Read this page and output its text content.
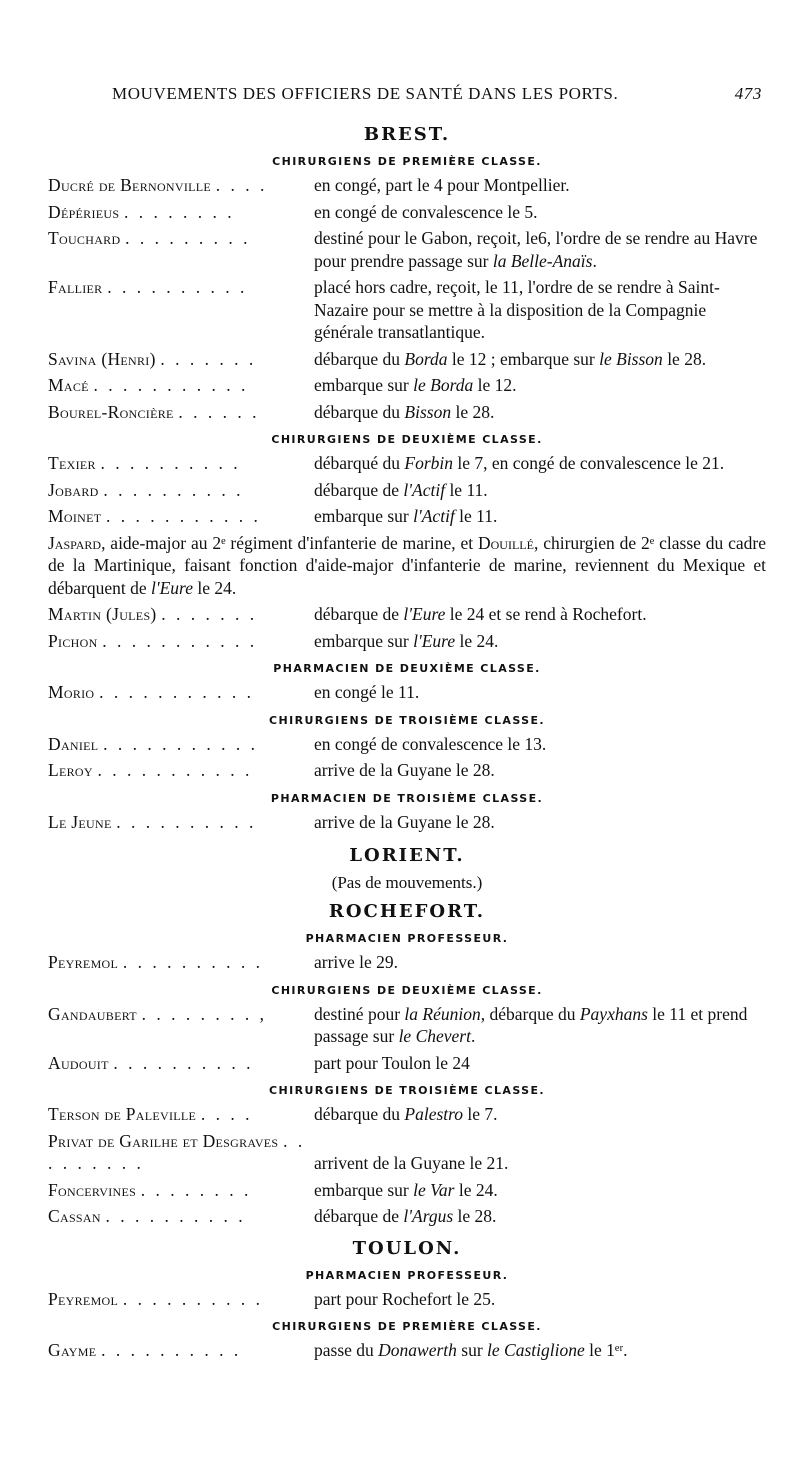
MOUVEMENTS DES OFFICIERS DE SANTÉ DANS LES PORTS.	473
BREST.
CHIRURGIENS DE PREMIÈRE CLASSE.
Ducré de Bernonville . . . .	en congé, part le 4 pour Montpellier.
Dépérieus . . . . . . . .	en congé de convalescence le 5.
Touchard . . . . . . . . .	destiné pour le Gabon, reçoit, le6, l'ordre de se rendre au Havre pour prendre passage sur la Belle-Anaïs.
Fallier . . . . . . . . . .	placé hors cadre, reçoit, le 11, l'ordre de se rendre à Saint-Nazaire pour se mettre à la disposition de la Compagnie générale transatlantique.
Savina (Henri) . . . . . . .	débarque du Borda le 12 ; embarque sur le Bisson le 28.
Macé . . . . . . . . . . .	embarque sur le Borda le 12.
Bourel-Roncière . . . . . .	débarque du Bisson le 28.
CHIRURGIENS DE DEUXIÈME CLASSE.
Texier . . . . . . . . . .	débarqué du Forbin le 7, en congé de convalescence le 21.
Jobard . . . . . . . . . .	débarque de l'Actif le 11.
Moinet . . . . . . . . . . .	embarque sur l'Actif le 11.
Jaspard, aide-major au 2ᵉ régiment d'infanterie de marine, et Douillé, chirurgien de 2ᵉ classe du cadre de la Martinique, faisant fonction d'aide-major d'infanterie de marine, reviennent du Mexique et débarquent de l'Eure le 24.
Martin (Jules) . . . . . . .	débarque de l'Eure le 24 et se rend à Rochefort.
Pichon . . . . . . . . . . .	embarque sur l'Eure le 24.
PHARMACIEN DE DEUXIÈME CLASSE.
Morio . . . . . . . . . . .	en congé le 11.
CHIRURGIENS DE TROISIÈME CLASSE.
Daniel . . . . . . . . . . .	en congé de convalescence le 13.
Leroy . . . . . . . . . . .	arrive de la Guyane le 28.
PHARMACIEN DE TROISIÈME CLASSE.
Le Jeune . . . . . . . . . .	arrive de la Guyane le 28.
LORIENT.
(Pas de mouvements.)
ROCHEFORT.
PHARMACIEN PROFESSEUR.
Peyremol . . . . . . . . . .	arrive le 29.
CHIRURGIENS DE DEUXIÈME CLASSE.
Gandaubert . . . . . . . . ,	destiné pour la Réunion, débarque du Payxhans le 11 et prend passage sur le Chevert.
Audouit . . . . . . . . . .	part pour Toulon le 24
CHIRURGIENS DE TROISIÈME CLASSE.
Terson de Paleville . . . .	débarque du Palestro le 7.
Privat de Garilhe et Desgraves . . . . . . . . .	arrivent de la Guyane le 21.
Foncervines . . . . . . . .	embarque sur le Var le 24.
Cassan . . . . . . . . . .	débarque de l'Argus le 28.
TOULON.
PHARMACIEN PROFESSEUR.
Peyremol . . . . . . . . . .	part pour Rochefort le 25.
CHIRURGIENS DE PREMIÈRE CLASSE.
Gayme . . . . . . . . . .	passe du Donawerth sur le Castiglione le 1ᵉʳ.
